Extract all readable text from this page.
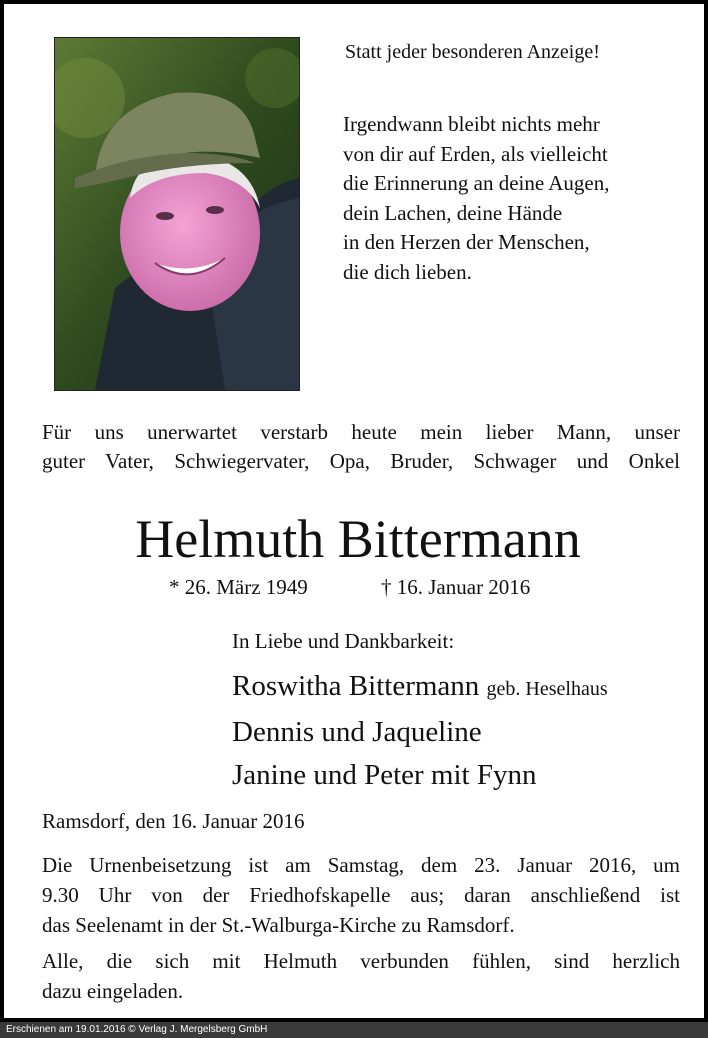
Statt jeder besonderen Anzeige!
Irgendwann bleibt nichts mehr
von dir auf Erden, als vielleicht
die Erinnerung an deine Augen,
dein Lachen, deine Hände
in den Herzen der Menschen,
die dich lieben.
Für uns unerwartet verstarb heute mein lieber Mann, unser
guter Vater, Schwiegervater, Opa, Bruder, Schwager und Onkel
Helmuth Bittermann
* 26. März 1949	† 16. Januar 2016
In Liebe und Dankbarkeit:
Roswitha Bittermann geb. Heselhaus
Dennis und Jaqueline
Janine und Peter mit Fynn
Ramsdorf, den 16. Januar 2016
Die Urnenbeisetzung ist am Samstag, dem 23. Januar 2016, um
9.30 Uhr von der Friedhofskapelle aus; daran anschließend ist
das Seelenamt in der St.-Walburga-Kirche zu Ramsdorf.
Alle, die sich mit Helmuth verbunden fühlen, sind herzlich
dazu eingeladen.
Erschienen am 19.01.2016 © Verlag J. Mergelsberg GmbH
